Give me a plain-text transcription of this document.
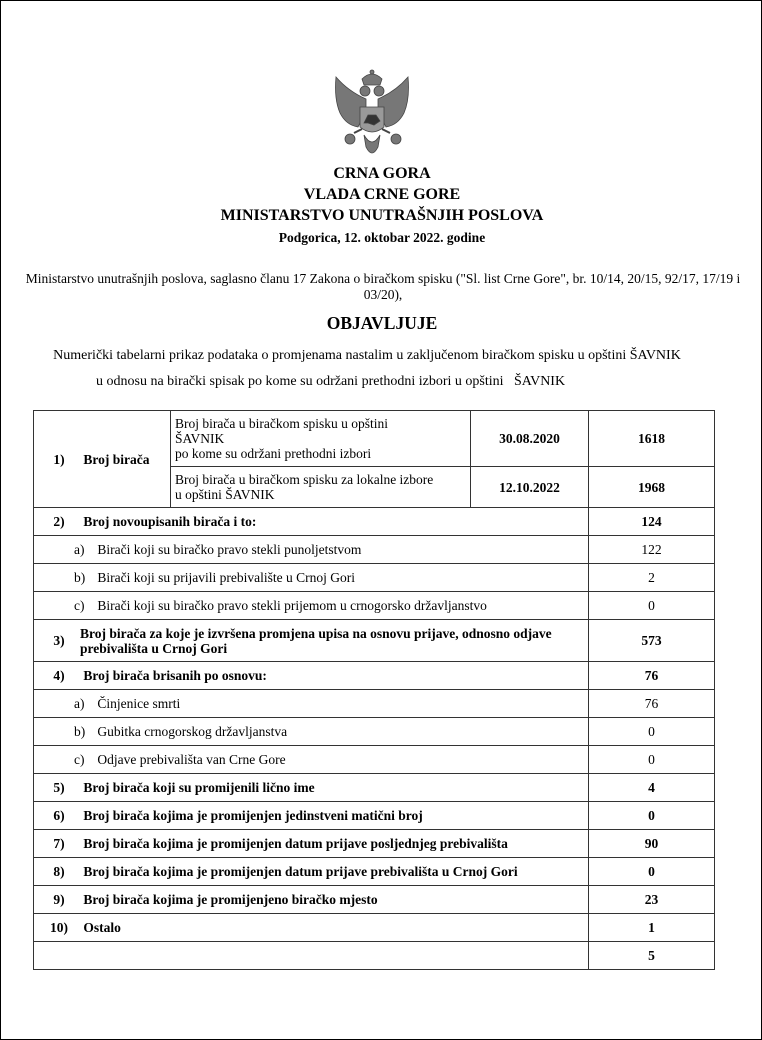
CRNA GORA
VLADA CRNE GORE
MINISTARSTVO UNUTRAŠNJIH POSLOVA
Podgorica, 12. oktobar 2022. godine
Ministarstvo unutrašnjih poslova, saglasno članu 17 Zakona o biračkom spisku ("Sl. list Crne Gore", br. 10/14, 20/15, 92/17, 17/19 i 03/20),
OBJAVLJUJE
Numerički tabelarni prikaz podataka o promjenama nastalim u zaključenom biračkom spisku u opštini ŠAVNIK
u odnosu na birački spisak po kome su održani prethodni izbori u opštini   ŠAVNIK
1) Broj birača	Broj birača u biračkom spisku u opštini
ŠAVNIK
po kome su održani prethodni izbori	30.08.2020	1618

	Broj birača u biračkom spisku za lokalne izbore
u opštini ŠAVNIK	12.10.2022	1968
2) Broj novoupisanih birača i to:			124
a) Birači koji su biračko pravo stekli punoljetstvom			122
b) Birači koji su prijavili prebivalište u Crnoj Gori			2
c) Birači koji su biračko pravo stekli prijemom u crnogorsko državljanstvo			0

3) Broj birača za koje je izvršena promjena upisa na osnovu prijave, odnosno odjave prebivališta u Crnoj Gori			573
4) Broj birača brisanih po osnovu:			76
a) Činjenice smrti			76
b) Gubitka crnogorskog državljanstva			0
c) Odjave prebivališta van Crne Gore			0
5) Broj birača koji su promijenili lično ime			4
6) Broj birača kojima je promijenjen jedinstveni matični broj			0
7) Broj birača kojima je promijenjen datum prijave posljednjeg prebivališta			90
8) Broj birača kojima je promijenjen datum prijave prebivališta u Crnoj Gori			0
9) Broj birača kojima je promijenjeno biračko mjesto			23
10) Ostalo			1
			5
